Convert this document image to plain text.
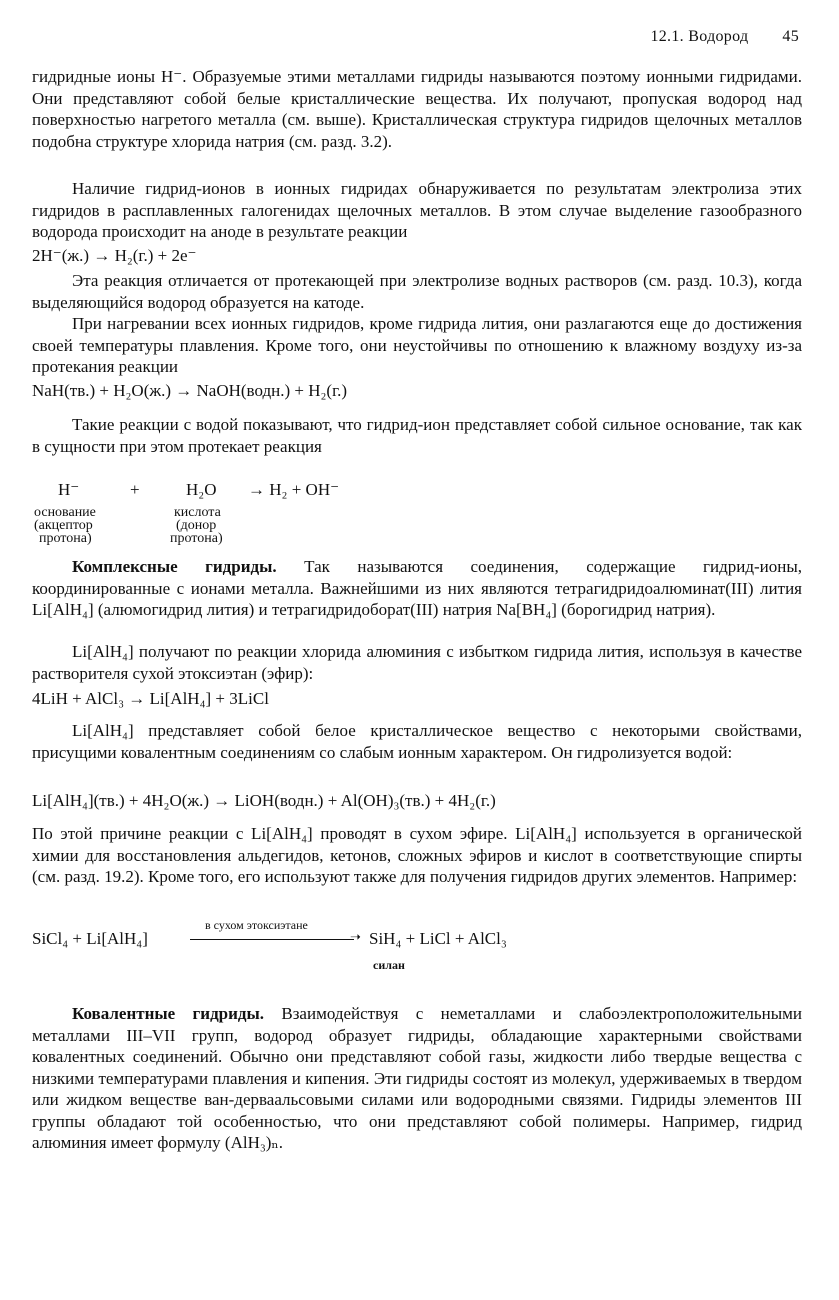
12.1. Водород 45
гидридные ионы H⁻. Образуемые этими металлами гидриды называются поэтому ионными гидридами. Они представляют собой белые кристаллические вещества. Их получают, пропуская водород над поверхностью нагретого металла (см. выше). Кристаллическая структура гидридов щелочных металлов подобна структуре хлорида натрия (см. разд. 3.2).
Наличие гидрид-ионов в ионных гидридах обнаруживается по результатам электролиза этих гидридов в расплавленных галогенидах щелочных металлов. В этом случае выделение газообразного водорода происходит на аноде в результате реакции
2H⁻(ж.) → H₂(г.) + 2e⁻
Эта реакция отличается от протекающей при электролизе водных растворов (см. разд. 10.3), когда выделяющийся водород образуется на катоде.
При нагревании всех ионных гидридов, кроме гидрида лития, они разлагаются еще до достижения своей температуры плавления. Кроме того, они неустойчивы по отношению к влажному воздуху из-за протекания реакции
NaH(тв.) + H₂O(ж.) → NaOH(водн.) + H₂(г.)
Такие реакции с водой показывают, что гидрид-ион представляет собой сильное основание, так как в сущности при этом протекает реакция
H⁻	+	H₂O → H₂ + OH⁻
основание
(акцептор
протона)
кислота
(донор
протона)
Комплексные гидриды. Так называются соединения, содержащие гидрид-ионы, координированные с ионами металла. Важнейшими из них являются тетрагидридоалюминат(III) лития Li[AlH₄] (алюмогидрид лития) и тетрагидридоборат(III) натрия Na[BH₄] (борогидрид натрия).
Li[AlH₄] получают по реакции хлорида алюминия с избытком гидрида лития, используя в качестве растворителя сухой этоксиэтан (эфир):
4LiH + AlCl₃ → Li[AlH₄] + 3LiCl
Li[AlH₄] представляет собой белое кристаллическое вещество с некоторыми свойствами, присущими ковалентным соединениям со слабым ионным характером. Он гидролизуется водой:
Li[AlH₄](тв.) + 4H₂O(ж.) → LiOH(водн.) + Al(OH)₃(тв.) + 4H₂(г.)
По этой причине реакции с Li[AlH₄] проводят в сухом эфире. Li[AlH₄] используется в органической химии для восстановления альдегидов, кетонов, сложных эфиров и кислот в соответствующие спирты (см. разд. 19.2). Кроме того, его используют также для получения гидридов других элементов. Например:
SiCl₄ + Li[AlH₄]
в сухом этоксиэтане
➝ SiH₄ + LiCl + AlCl₃
силан
Ковалентные гидриды. Взаимодействуя с неметаллами и слабоэлектроположительными металлами III–VII групп, водород образует гидриды, обладающие характерными свойствами ковалентных соединений. Обычно они представляют собой газы, жидкости либо твердые вещества с низкими температурами плавления и кипения. Эти гидриды состоят из молекул, удерживаемых в твердом или жидком веществе ван-дерваальсовыми силами или водородными связями. Гидриды элементов III группы обладают той особенностью, что они представляют собой полимеры. Например, гидрид алюминия имеет формулу (AlH₃)ₙ.
